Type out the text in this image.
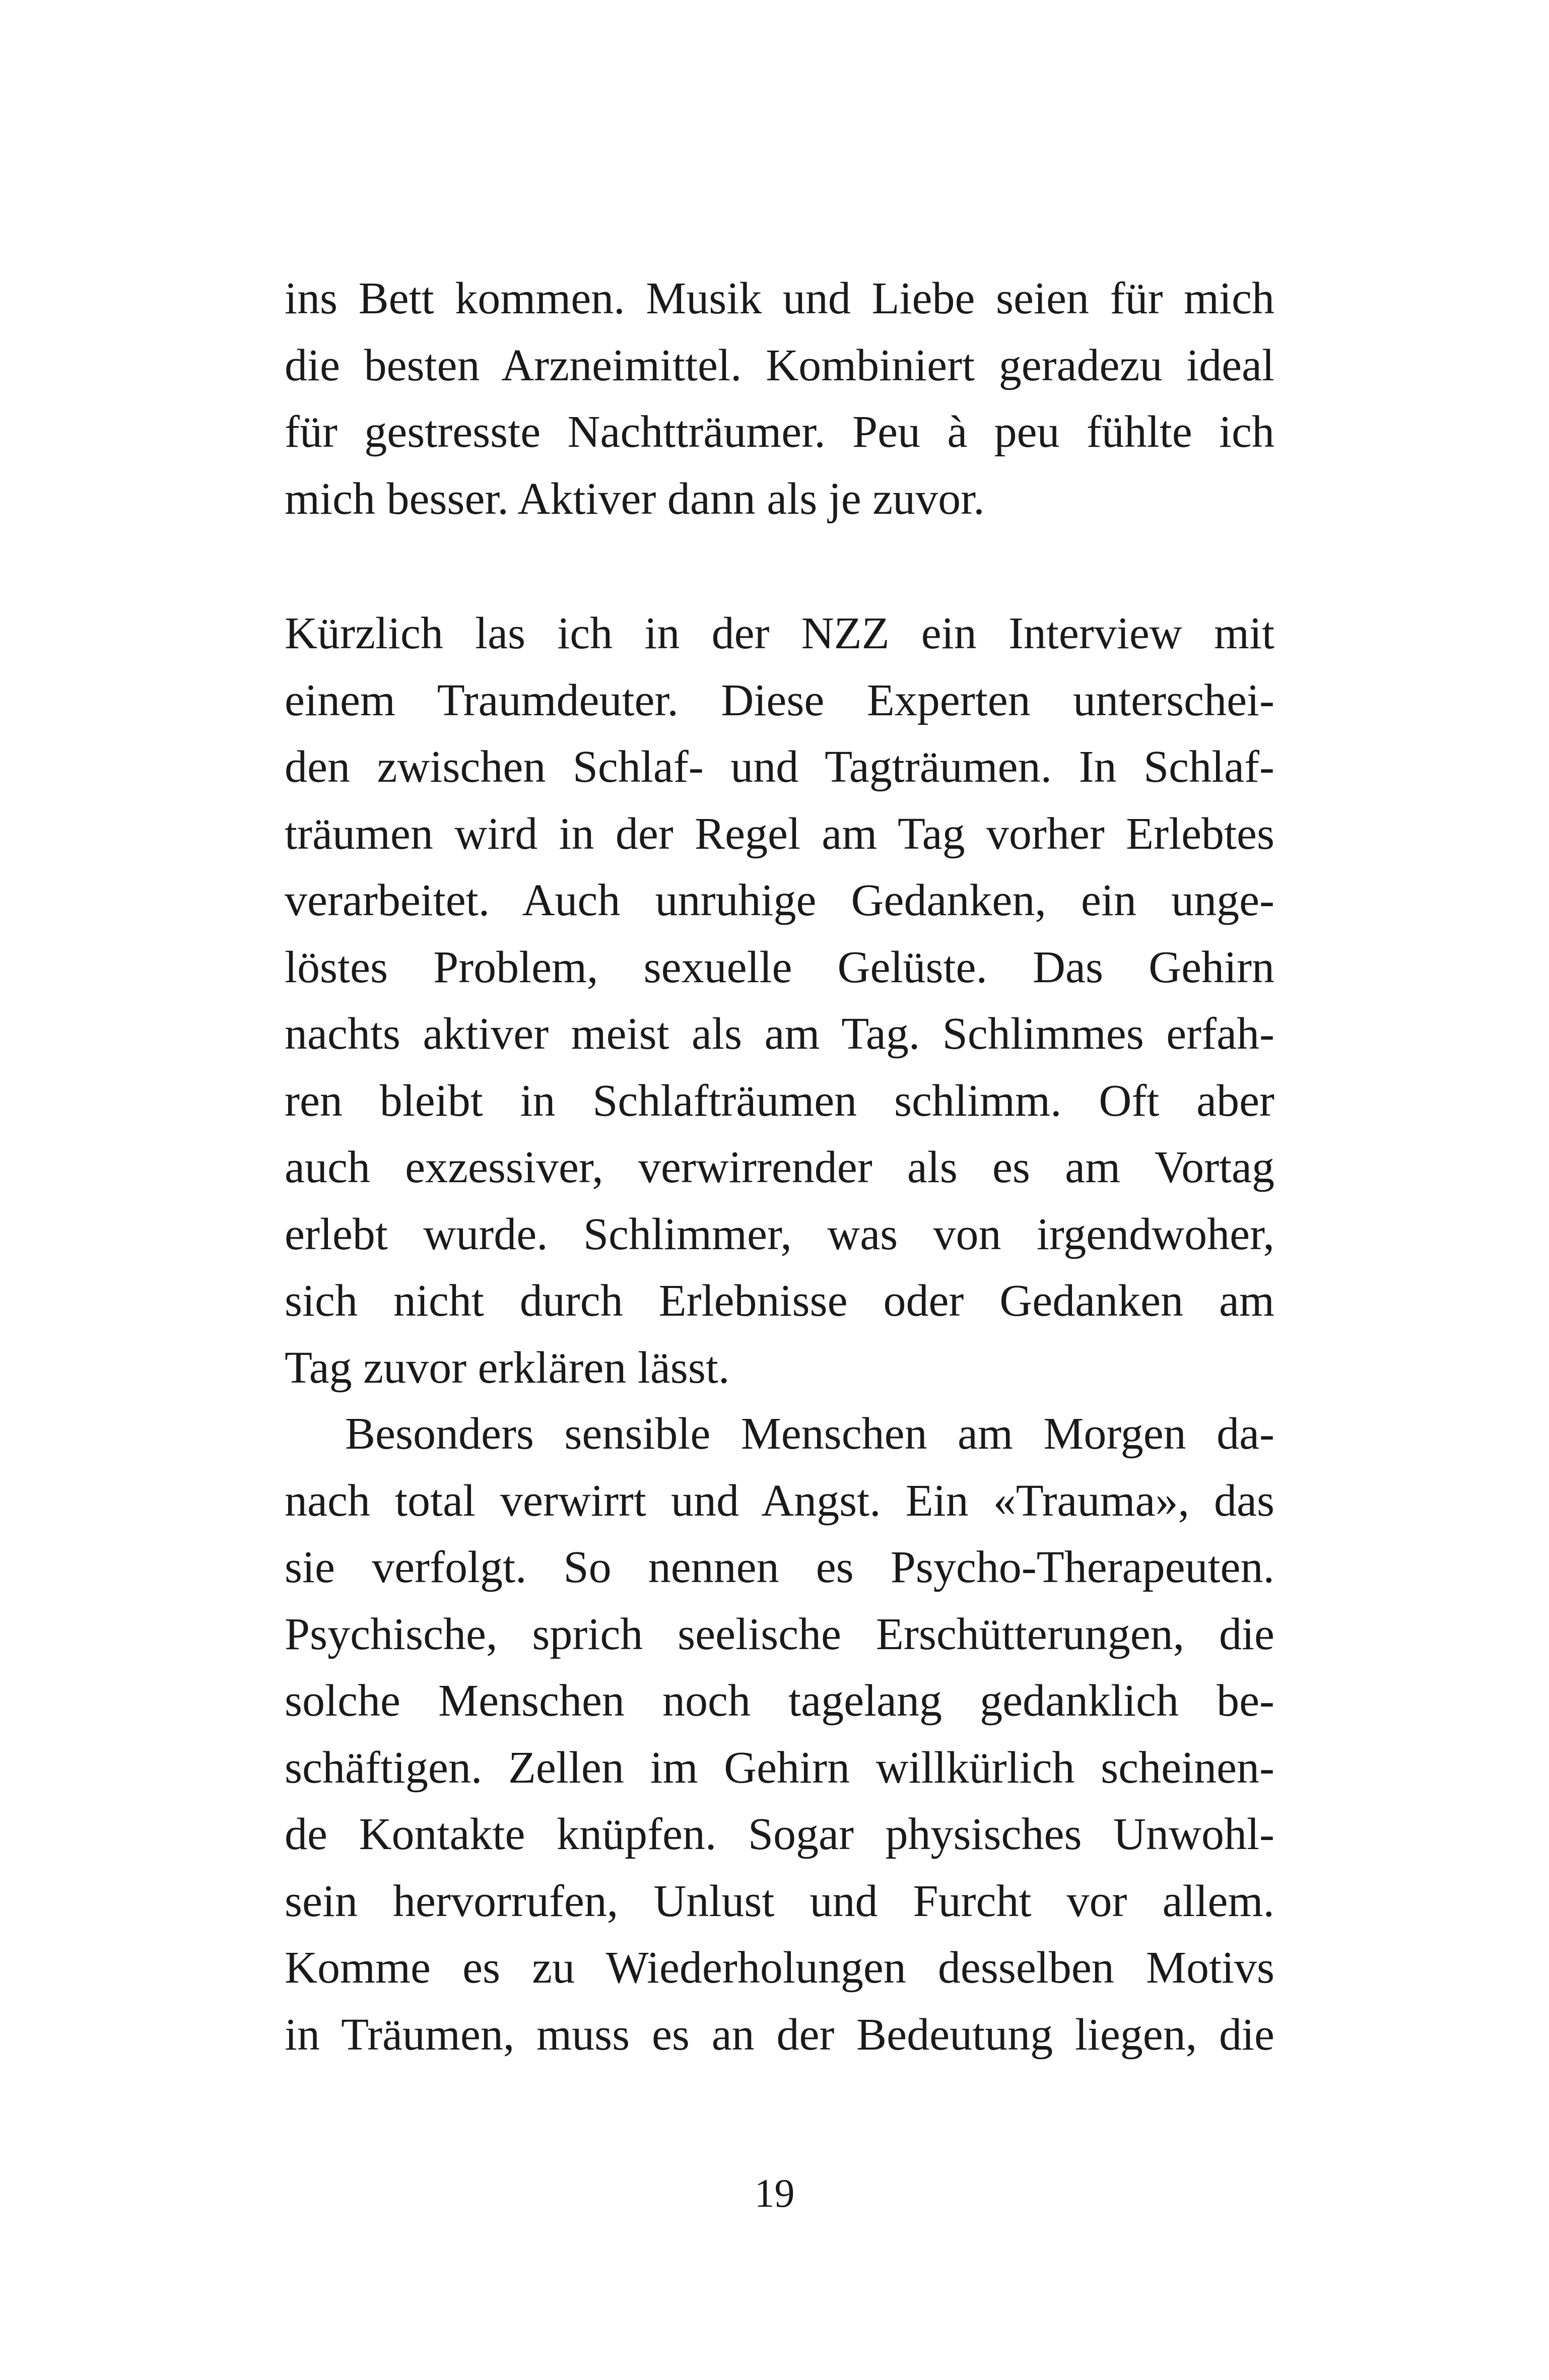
ins Bett kommen. Musik und Liebe seien für mich
die besten Arzneimittel. Kombiniert geradezu ideal
für gestresste Nachtträumer. Peu à peu fühlte ich
mich besser. Aktiver dann als je zuvor.
Kürzlich las ich in der NZZ ein Interview mit
einem Traumdeuter. Diese Experten unterschei-
den zwischen Schlaf- und Tagträumen. In Schlaf-
träumen wird in der Regel am Tag vorher Erlebtes
verarbeitet. Auch unruhige Gedanken, ein unge-
löstes Problem, sexuelle Gelüste. Das Gehirn
nachts aktiver meist als am Tag. Schlimmes erfah-
ren bleibt in Schlafträumen schlimm. Oft aber
auch exzessiver, verwirrender als es am Vortag
erlebt wurde. Schlimmer, was von irgendwoher,
sich nicht durch Erlebnisse oder Gedanken am
Tag zuvor erklären lässt.
Besonders sensible Menschen am Morgen da-
nach total verwirrt und Angst. Ein «Trauma», das
sie verfolgt. So nennen es Psycho-Therapeuten.
Psychische, sprich seelische Erschütterungen, die
solche Menschen noch tagelang gedanklich be-
schäftigen. Zellen im Gehirn willkürlich scheinen-
de Kontakte knüpfen. Sogar physisches Unwohl-
sein hervorrufen, Unlust und Furcht vor allem.
Komme es zu Wiederholungen desselben Motivs
in Träumen, muss es an der Bedeutung liegen, die
19
